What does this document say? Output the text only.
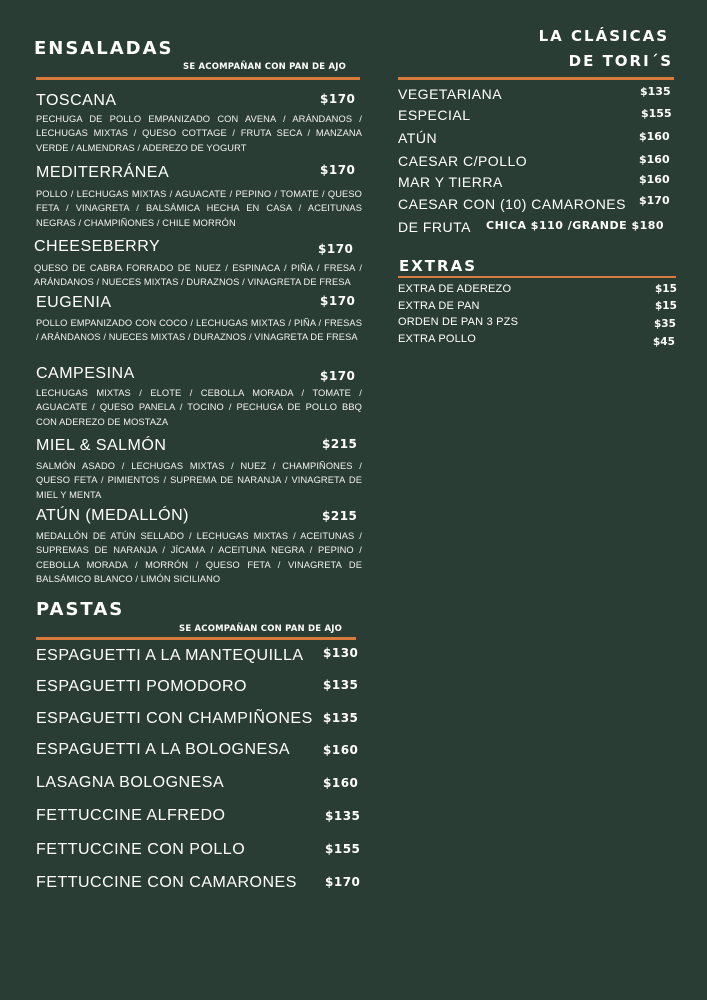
ENSALADAS
SE ACOMPAÑAN CON PAN DE AJO
TOSCANA	$170
PECHUGA DE POLLO EMPANIZADO CON AVENA / ARÁNDANOS / LECHUGAS MIXTAS / QUESO COTTAGE / FRUTA SECA / MANZANA VERDE / ALMENDRAS / ADEREZO DE YOGURT
MEDITERRÁNEA	$170
POLLO / LECHUGAS MIXTAS / AGUACATE / PEPINO / TOMATE / QUESO FETA / VINAGRETA / BALSÁMICA HECHA EN CASA / ACEITUNAS NEGRAS / CHAMPIÑONES / CHILE MORRÓN
CHEESEBERRY	$170
QUESO DE CABRA FORRADO DE NUEZ / ESPINACA / PIÑA / FRESA / ARÁNDANOS / NUECES MIXTAS / DURAZNOS / VINAGRETA DE FRESA
EUGENIA	$170
POLLO EMPANIZADO CON COCO / LECHUGAS MIXTAS / PIÑA / FRESAS / ARÁNDANOS / NUECES MIXTAS / DURAZNOS / VINAGRETA DE FRESA
CAMPESINA	$170
LECHUGAS MIXTAS / ELOTE / CEBOLLA MORADA / TOMATE / AGUACATE / QUESO PANELA / TOCINO / PECHUGA DE POLLO BBQ CON ADEREZO DE MOSTAZA
MIEL & SALMÓN	$215
SALMÓN ASADO / LECHUGAS MIXTAS / NUEZ / CHAMPIÑONES / QUESO FETA / PIMIENTOS / SUPREMA DE NARANJA / VINAGRETA DE MIEL Y MENTA
ATÚN (MEDALLÓN)	$215
MEDALLÓN DE ATÚN SELLADO / LECHUGAS MIXTAS / ACEITUNAS / SUPREMAS DE NARANJA / JÍCAMA / ACEITUNA NEGRA / PEPINO / CEBOLLA MORADA / MORRÓN / QUESO FETA / VINAGRETA DE BALSÁMICO BLANCO / LIMÓN SICILIANO
PASTAS
SE ACOMPAÑAN CON PAN DE AJO
ESPAGUETTI A LA MANTEQUILLA $130
ESPAGUETTI POMODORO	$135
ESPAGUETTI CON CHAMPIÑONES $135
ESPAGUETTI A LA BOLOGNESA	$160
LASAGNA BOLOGNESA	$160
FETTUCCINE ALFREDO	$135
FETTUCCINE CON POLLO	$155
FETTUCCINE CON CAMARONES $170
LA CLÁSICAS
DE TORI´S
VEGETARIANA	$135
ESPECIAL	$155
ATÚN	$160
CAESAR C/POLLO	$160
MAR Y TIERRA	$160
CAESAR CON (10) CAMARONES $170
DE FRUTA CHICA $110 /GRANDE $180
EXTRAS
EXTRA DE ADEREZO	$15
EXTRA DE PAN	$15
ORDEN DE PAN 3 PZS	$35
EXTRA POLLO	$45
